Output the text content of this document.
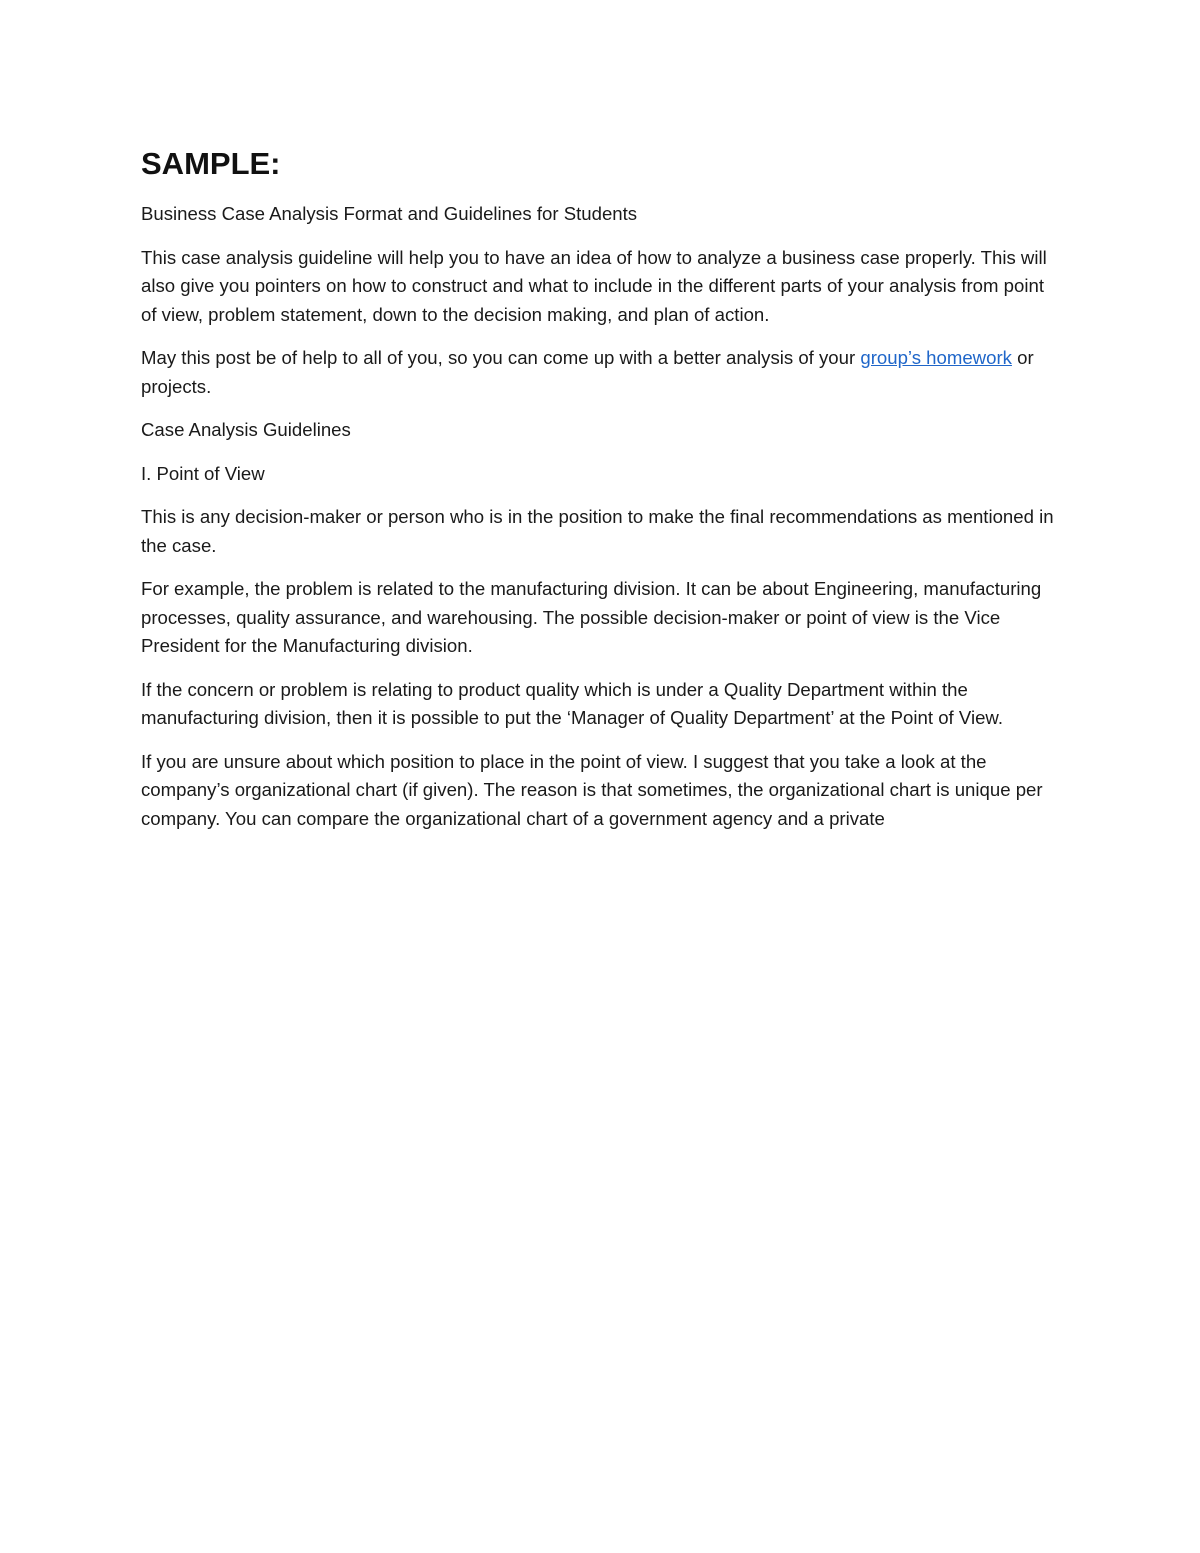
SAMPLE:

Business Case Analysis Format and Guidelines for Students

This case analysis guideline will help you to have an idea of how to analyze a business case properly. This will also give you pointers on how to construct and what to include in the different parts of your analysis from point of view, problem statement, down to the decision making, and plan of action.

May this post be of help to all of you, so you can come up with a better analysis of your group’s homework or projects.

Case Analysis Guidelines

I. Point of View

This is any decision-maker or person who is in the position to make the final recommendations as mentioned in the case.

For example, the problem is related to the manufacturing division. It can be about Engineering, manufacturing processes, quality assurance, and warehousing. The possible decision-maker or point of view is the Vice President for the Manufacturing division.

If the concern or problem is relating to product quality which is under a Quality Department within the manufacturing division, then it is possible to put the ‘Manager of Quality Department’ at the Point of View.

If you are unsure about which position to place in the point of view. I suggest that you take a look at the company’s organizational chart (if given). The reason is that sometimes, the organizational chart is unique per company. You can compare the organizational chart of a government agency and a private
